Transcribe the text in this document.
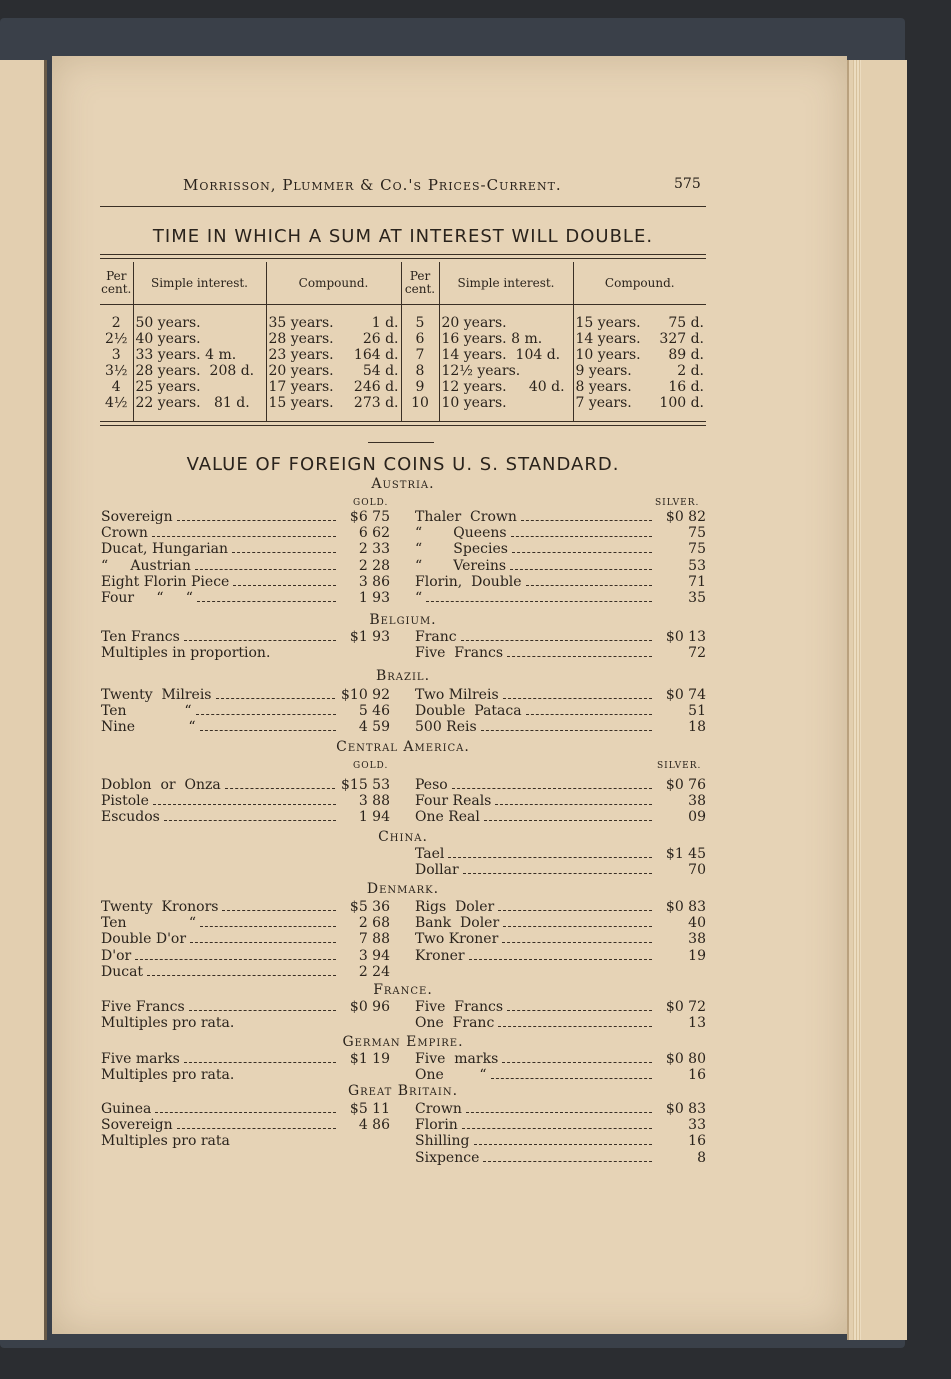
Morrisson, Plummer & Co.'s Prices-Current.	575
TIME IN WHICH A SUM AT INTEREST WILL DOUBLE.
Per cent.	Simple interest.	Compound.	Per cent.	Simple interest.	Compound.

2	50 years.	35 years. 1 d.	5	20 years.	15 years. 75 d.

2½	40 years.	28 years. 26 d.	6	16 years. 8 m.	14 years. 327 d.

3	33 years. 4 m.	23 years. 164 d.	7	14 years.  104 d.	10 years. 89 d.

3½	28 years.  208 d.	20 years. 54 d.	8	12½ years.	9 years. 2 d.

4	25 years.	17 years. 246 d.	9	12 years.     40 d.	8 years. 16 d.

4½	22 years.   81 d.	15 years. 273 d.	10	10 years.	7 years. 100 d.

VALUE OF FOREIGN COINS U. S. STANDARD.
Austria.
GOLD.	SILVER.
Sovereign	$6 75
Crown	6 62
Ducat, Hungarian	2 33
“     Austrian	2 28
Eight Florin Piece	3 86
Four     “     “	1 93
Thaler  Crown	$0 82
“       Queens	75
“       Species	75
“       Vereins	53
Florin,  Double	71
“	35
Belgium.
Ten Francs	$1 93
Multiples in proportion.
Franc	$0 13
Five  Francs	72
Brazil.
Twenty  Milreis	$10 92
Ten             “	5 46
Nine            “	4 59
Two Milreis	$0 74
Double  Pataca	51
500 Reis	18
Central America.
GOLD.	SILVER.
Doblon  or  Onza	$15 53
Pistole	3 88
Escudos	1 94
Peso	$0 76
Four Reals	38
One Real	09
China.
Tael	$1 45
Dollar	70
Denmark.
Twenty  Kronors	$5 36
Ten              “	2 68
Double D'or	7 88
D'or	3 94
Ducat	2 24
Rigs  Doler	$0 83
Bank  Doler	40
Two Kroner	38
Kroner	19
France.
Five Francs	$0 96
Multiples pro rata.
Five  Francs	$0 72
One  Franc	13
German Empire.
Five marks	$1 19
Multiples pro rata.
Five  marks	$0 80
One        “	16
Great Britain.
Guinea	$5 11
Sovereign	4 86
Multiples pro rata
Crown	$0 83
Florin	33
Shilling	16
Sixpence	8
